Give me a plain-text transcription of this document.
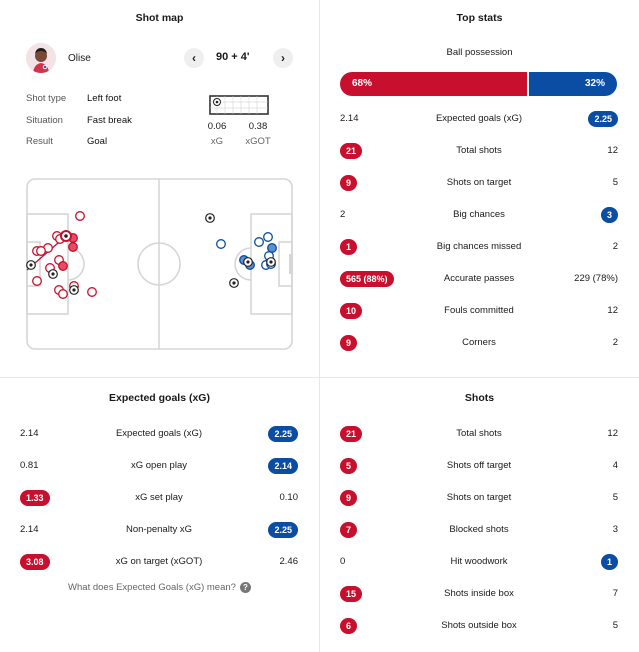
Shot map
Olise	‹	90 + 4'	›
Shot type Left foot
Situation	Fast break
Result	Goal
0.06	0.38
xG	xGOT
Top stats
Ball possession
68%	32%
2.14	Expected goals (xG)	2.25
21	Total shots	12
9	Shots on target	5
2	Big chances	3
1	Big chances missed	2
565 (88%)	Accurate passes	229 (78%)
10	Fouls committed	12
9	Corners	2
Expected goals (xG)
2.14	Expected goals (xG)	2.25
0.81	xG open play	2.14
1.33	xG set play	0.10
2.14	Non-penalty xG	2.25
3.08	xG on target (xGOT)	2.46
What does Expected Goals (xG) mean? ?
Shots
21	Total shots	12
5	Shots off target	4
9	Shots on target	5
7	Blocked shots	3
0	Hit woodwork	1
15	Shots inside box	7
6	Shots outside box	5
